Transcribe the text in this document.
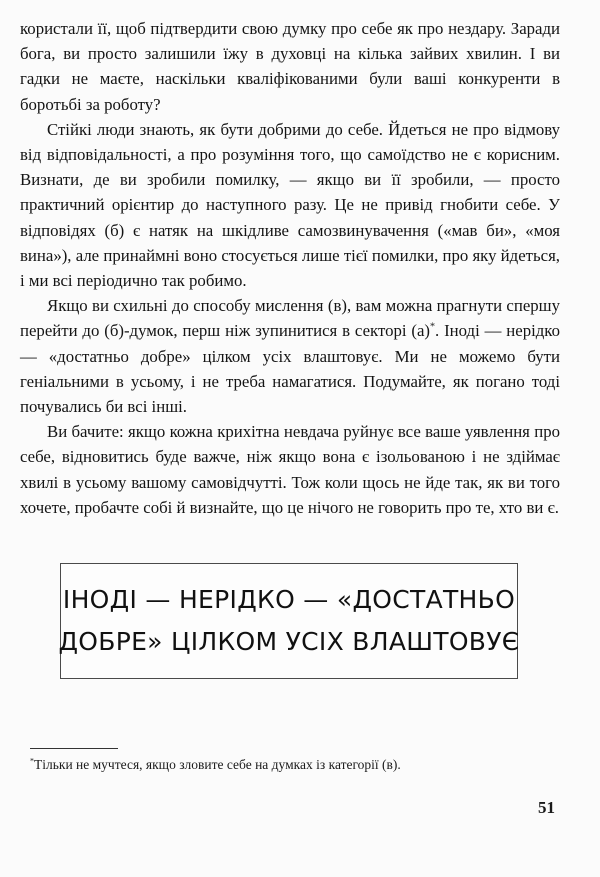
користали її, щоб підтвердити свою думку про себе як про нездару. Заради бога, ви просто залишили їжу в духовці на кілька зайвих хвилин. І ви гадки не маєте, наскільки кваліфікованими були ваші конкуренти в боротьбі за роботу?

Стійкі люди знають, як бути добрими до себе. Йдеться не про відмову від відповідальності, а про розуміння того, що самоїдство не є корисним. Визнати, де ви зробили помилку, — якщо ви її зробили, — просто практичний орієнтир до наступного разу. Це не привід гнобити себе. У відповідях (б) є натяк на шкідливе самозвинувачення («мав би», «моя вина»), але принаймні воно стосується лише тієї помилки, про яку йдеться, і ми всі періодично так робимо.

Якщо ви схильні до способу мислення (в), вам можна прагнути спершу перейти до (б)-думок, перш ніж зупинитися в секторі (а)*. Іноді — нерідко — «достатньо добре» цілком усіх влаштовує. Ми не можемо бути геніальними в усьому, і не треба намагатися. Подумайте, як погано тоді почувались би всі інші.

Ви бачите: якщо кожна крихітна невдача руйнує все ваше уявлення про себе, відновитись буде важче, ніж якщо вона є ізольованою і не здіймає хвилі в усьому вашому самовідчутті. Тож коли щось не йде так, як ви того хочете, пробачте собі й визнайте, що це нічого не говорить про те, хто ви є.

ІНОДІ — НЕРІДКО — «ДОСТАТНЬО
ДОБРЕ» ЦІЛКОМ УСІХ ВЛАШТОВУЄ
*Тільки не мучтеся, якщо зловите себе на думках із категорії (в).
51
